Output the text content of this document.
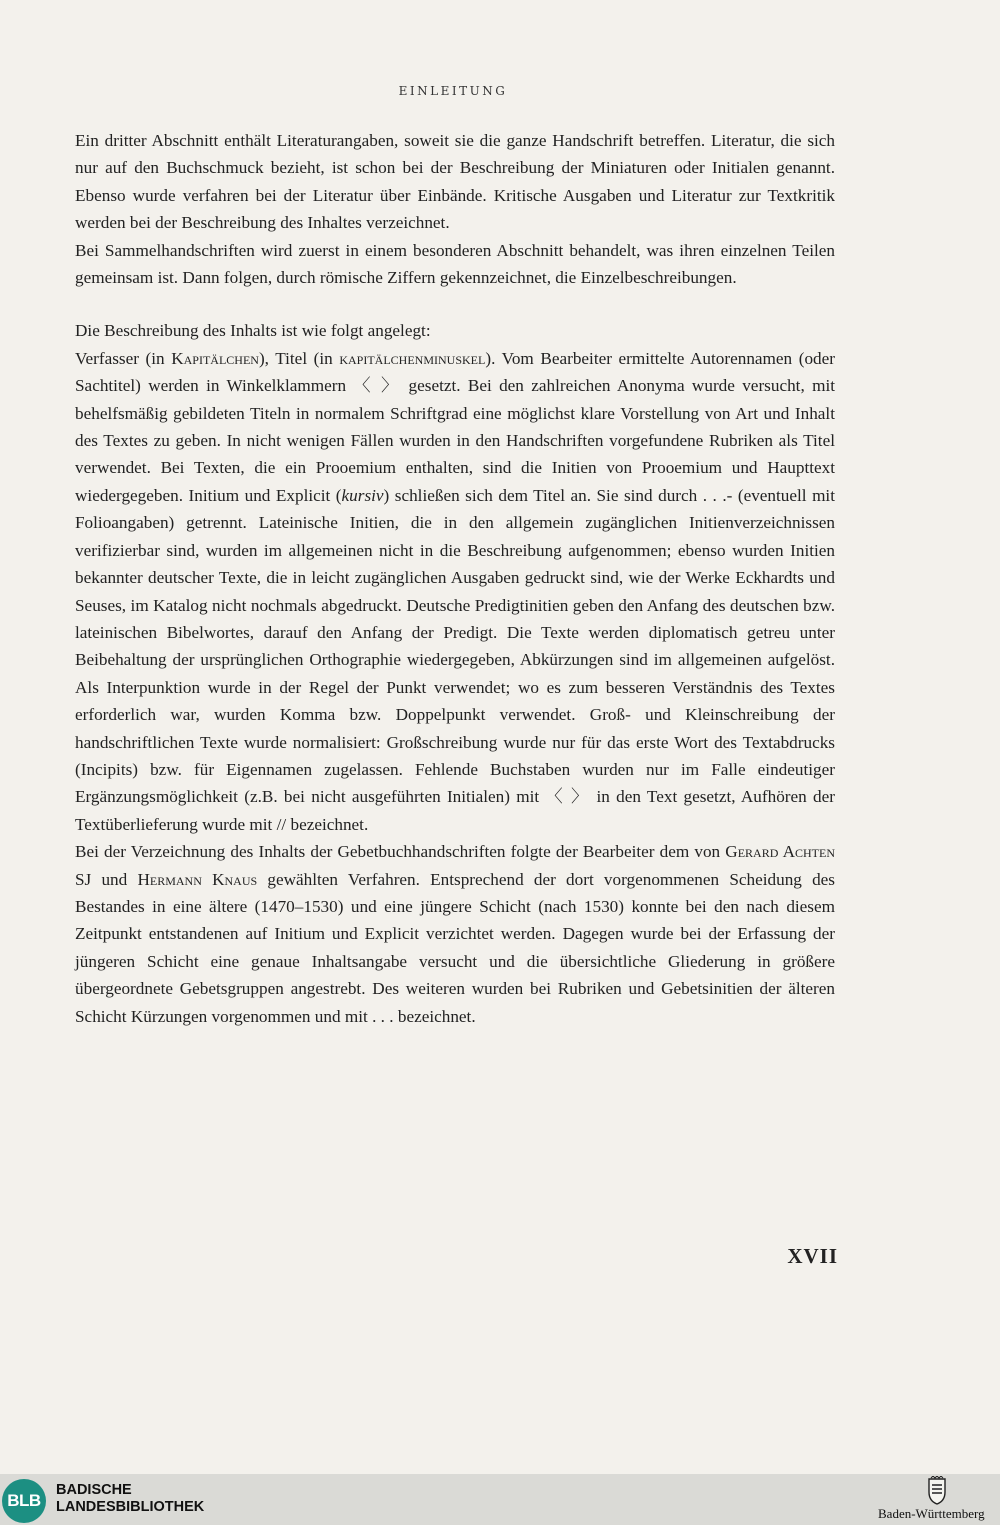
EINLEITUNG

Ein dritter Abschnitt enthält Literaturangaben, soweit sie die ganze Handschrift betreffen. Literatur, die sich nur auf den Buchschmuck bezieht, ist schon bei der Beschreibung der Miniaturen oder Initialen genannt. Ebenso wurde verfahren bei der Literatur über Einbände. Kritische Ausgaben und Literatur zur Textkritik werden bei der Beschreibung des Inhaltes verzeichnet.

Bei Sammelhandschriften wird zuerst in einem besonderen Abschnitt behandelt, was ihren einzelnen Teilen gemeinsam ist. Dann folgen, durch römische Ziffern gekennzeichnet, die Einzelbeschreibungen.

Die Beschreibung des Inhalts ist wie folgt angelegt:

Verfasser (in Kapitälchen), Titel (in kapitälchenminuskel). Vom Bearbeiter ermittelte Autorennamen (oder Sachtitel) werden in Winkelklammern 〈 〉 gesetzt. Bei den zahlreichen Anonyma wurde versucht, mit behelfsmäßig gebildeten Titeln in normalem Schriftgrad eine möglichst klare Vorstellung von Art und Inhalt des Textes zu geben. In nicht wenigen Fällen wurden in den Handschriften vorgefundene Rubriken als Titel verwendet. Bei Texten, die ein Prooemium enthalten, sind die Initien von Prooemium und Haupttext wiedergegeben. Initium und Explicit (kursiv) schließen sich dem Titel an. Sie sind durch . . .- (eventuell mit Folioangaben) getrennt. Lateinische Initien, die in den allgemein zugänglichen Initienverzeichnissen verifizierbar sind, wurden im allgemeinen nicht in die Beschreibung aufgenommen; ebenso wurden Initien bekannter deutscher Texte, die in leicht zugänglichen Ausgaben gedruckt sind, wie der Werke Eckhardts und Seuses, im Katalog nicht nochmals abgedruckt. Deutsche Predigtinitien geben den Anfang des deutschen bzw. lateinischen Bibelwortes, darauf den Anfang der Predigt. Die Texte werden diplomatisch getreu unter Beibehaltung der ursprünglichen Orthographie wiedergegeben, Abkürzungen sind im allgemeinen aufgelöst. Als Interpunktion wurde in der Regel der Punkt verwendet; wo es zum besseren Verständnis des Textes erforderlich war, wurden Komma bzw. Doppelpunkt verwendet. Groß- und Kleinschreibung der handschriftlichen Texte wurde normalisiert: Großschreibung wurde nur für das erste Wort des Textabdrucks (Incipits) bzw. für Eigennamen zugelassen. Fehlende Buchstaben wurden nur im Falle eindeutiger Ergänzungsmöglichkeit (z.B. bei nicht ausgeführten Initialen) mit 〈 〉 in den Text gesetzt, Aufhören der Textüberlieferung wurde mit // bezeichnet.

Bei der Verzeichnung des Inhalts der Gebetbuchhandschriften folgte der Bearbeiter dem von Gerard Achten SJ und Hermann Knaus gewählten Verfahren. Entsprechend der dort vorgenommenen Scheidung des Bestandes in eine ältere (1470–1530) und eine jüngere Schicht (nach 1530) konnte bei den nach diesem Zeitpunkt entstandenen auf Initium und Explicit verzichtet werden. Dagegen wurde bei der Erfassung der jüngeren Schicht eine genaue Inhaltsangabe versucht und die übersichtliche Gliederung in größere übergeordnete Gebetsgruppen angestrebt. Des weiteren wurden bei Rubriken und Gebetsinitien der älteren Schicht Kürzungen vorgenommen und mit . . . bezeichnet.

XVII
BLB
BADISCHE
LANDESBIBLIOTHEK	Baden-Württemberg
